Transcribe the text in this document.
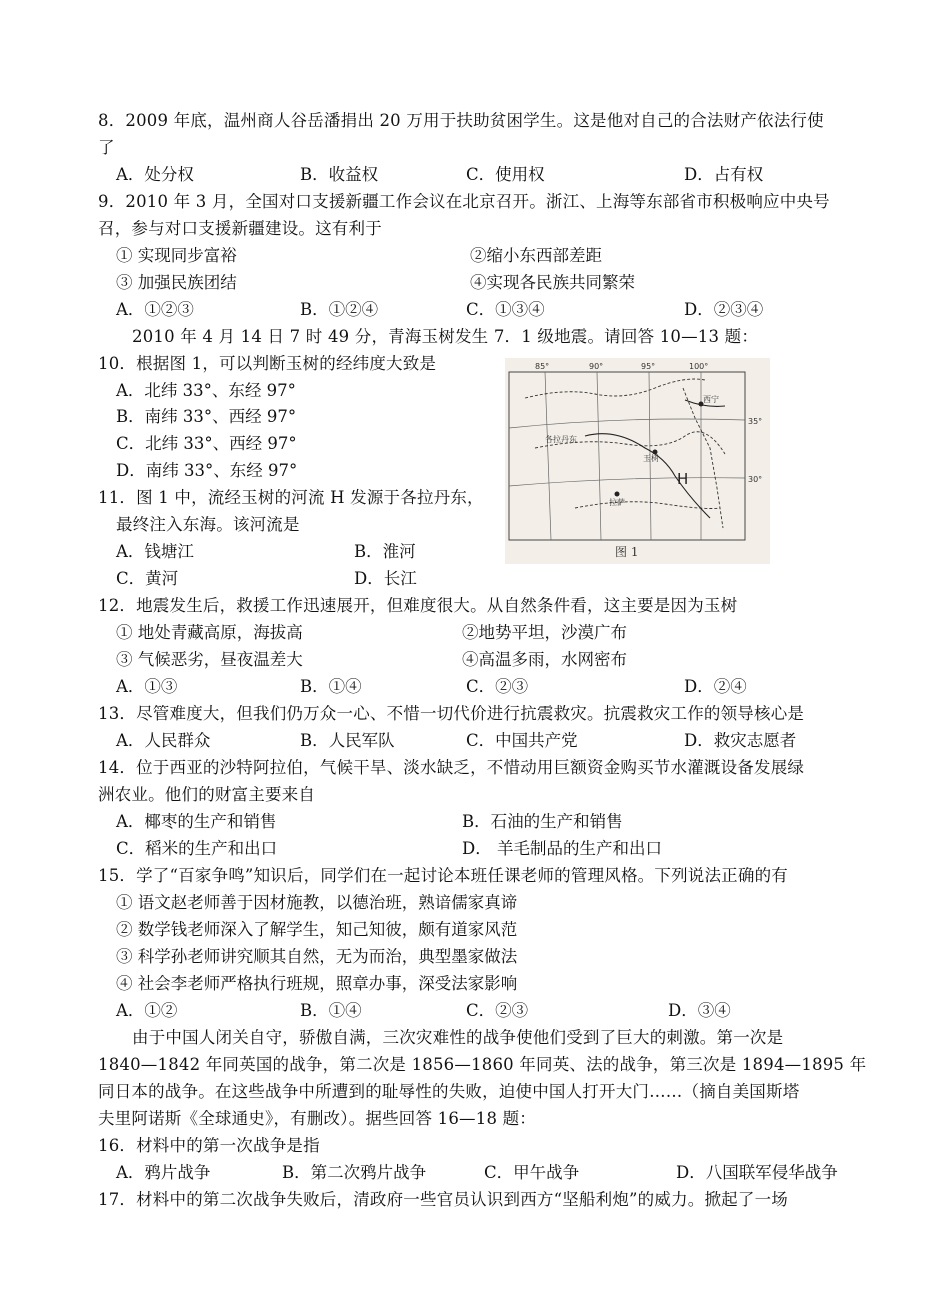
8．2009 年底，温州商人谷岳潘捐出 20 万用于扶助贫困学生。这是他对自己的合法财产依法行使
了
A．处分权	B．收益权	C．使用权	D．占有权
9．2010 年 3 月，全国对口支援新疆工作会议在北京召开。浙江、上海等东部省市积极响应中央号
召，参与对口支援新疆建设。这有利于
① 实现同步富裕	②缩小东西部差距
③ 加强民族团结	④实现各民族共同繁荣
A．①②③	B．①②④	C．①③④	D．②③④
2010 年 4 月 14 日 7 时 49 分，青海玉树发生 7．1 级地震。请回答 10—13 题：
10．根据图 1，可以判断玉树的经纬度大致是
A．北纬 33°、东经 97°
B．南纬 33°、西经 97°
C．北纬 33°、西经 97°
D．南纬 33°、东经 97°
11．图 1 中，流经玉树的河流 H 发源于各拉丹东，
最终注入东海。该河流是
A．钱塘江	B．淮河
C．黄河	D．长江
85°	90°	95°	100°
35°
30°
西宁
各拉丹东
玉树
拉萨
H
图 1
12．地震发生后，救援工作迅速展开，但难度很大。从自然条件看，这主要是因为玉树
① 地处青藏高原，海拔高	②地势平坦，沙漠广布
③ 气候恶劣，昼夜温差大	④高温多雨，水网密布
A．①③	B．①④	C．②③	D．②④
13．尽管难度大，但我们仍万众一心、不惜一切代价进行抗震救灾。抗震救灾工作的领导核心是
A．人民群众	B．人民军队	C．中国共产党	D．救灾志愿者
14．位于西亚的沙特阿拉伯，气候干旱、淡水缺乏，不惜动用巨额资金购买节水灌溉设备发展绿
洲农业。他们的财富主要来自
A．椰枣的生产和销售	B．石油的生产和销售
C．稻米的生产和出口	D． 羊毛制品的生产和出口
15．学了“百家争鸣”知识后，同学们在一起讨论本班任课老师的管理风格。下列说法正确的有
① 语文赵老师善于因材施教，以德治班，熟谙儒家真谛
② 数学钱老师深入了解学生，知己知彼，颇有道家风范
③ 科学孙老师讲究顺其自然，无为而治，典型墨家做法
④ 社会李老师严格执行班规，照章办事，深受法家影响
A．①②	B．①④	C．②③	D．③④
由于中国人闭关自守，骄傲自满，三次灾难性的战争使他们受到了巨大的刺激。第一次是
1840—1842 年同英国的战争，第二次是 1856—1860 年同英、法的战争，第三次是 1894—1895 年
同日本的战争。在这些战争中所遭到的耻辱性的失败，迫使中国人打开大门……（摘自美国斯塔
夫里阿诺斯《全球通史》，有删改）。据些回答 16—18 题：
16．材料中的第一次战争是指
A．鸦片战争	B．第二次鸦片战争	C．甲午战争	D．八国联军侵华战争
17．材料中的第二次战争失败后，清政府一些官员认识到西方“坚船利炮”的威力。掀起了一场
